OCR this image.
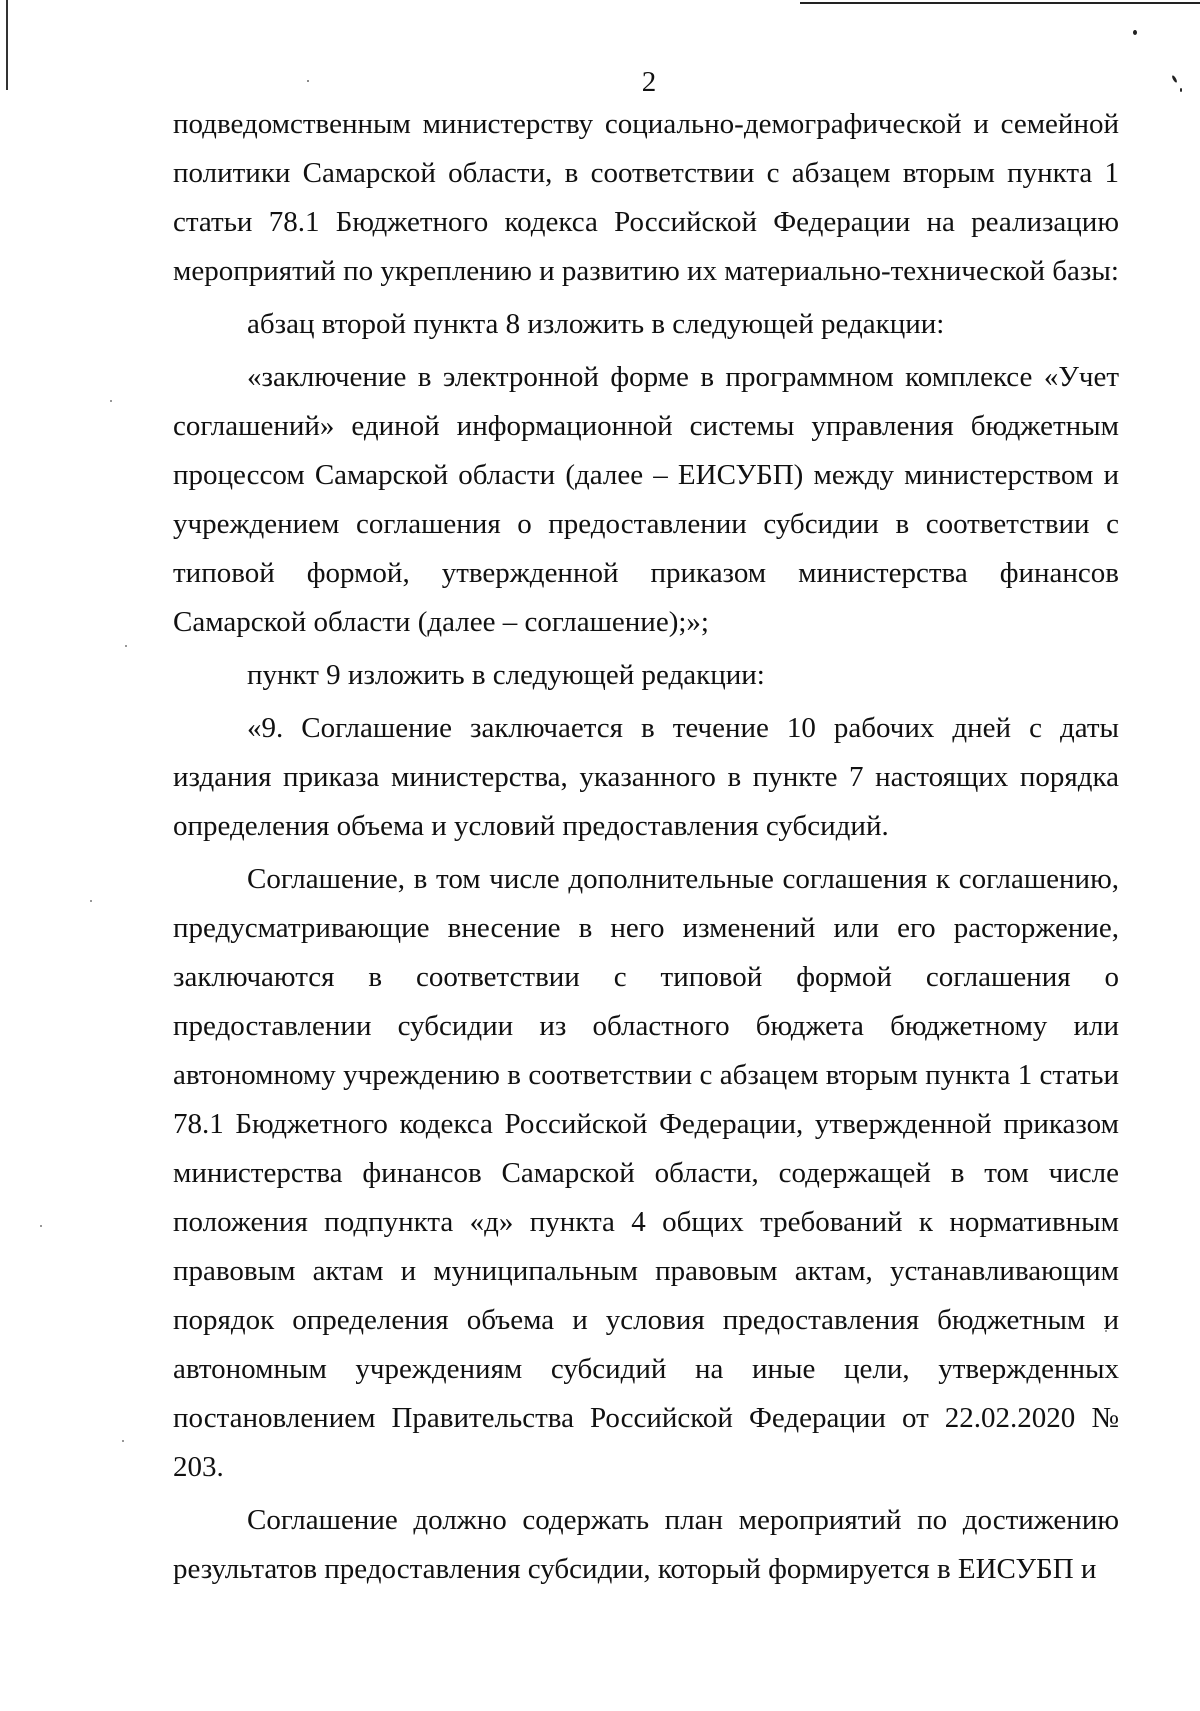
2

подведомственным министерству социально-демографической и семейной политики Самарской области, в соответствии с абзацем вторым пункта 1 статьи 78.1 Бюджетного кодекса Российской Федерации на реализацию мероприятий по укреплению и развитию их материально-технической базы:

абзац второй пункта 8 изложить в следующей редакции:

«заключение в электронной форме в программном комплексе «Учет соглашений» единой информационной системы управления бюджетным процессом Самарской области (далее – ЕИСУБП) между министерством и учреждением соглашения о предоставлении субсидии в соответствии с типовой формой, утвержденной приказом министерства финансов Самарской области (далее – соглашение);»;

пункт 9 изложить в следующей редакции:

«9. Соглашение заключается в течение 10 рабочих дней с даты издания приказа министерства, указанного в пункте 7 настоящих порядка определения объема и условий предоставления субсидий.

Соглашение, в том числе дополнительные соглашения к соглашению, предусматривающие внесение в него изменений или его расторжение, заключаются в соответствии с типовой формой соглашения о предоставлении субсидии из областного бюджета бюджетному или автономному учреждению в соответствии с абзацем вторым пункта 1 статьи 78.1 Бюджетного кодекса Российской Федерации, утвержденной приказом министерства финансов Самарской области, содержащей в том числе положения подпункта «д» пункта 4 общих требований к нормативным правовым актам и муниципальным правовым актам, устанавливающим порядок определения объема и условия предоставления бюджетным и автономным учреждениям субсидий на иные цели, утвержденных постановлением Правительства Российской Федерации от 22.02.2020 № 203.

Соглашение должно содержать план мероприятий по достижению результатов предоставления субсидии, который формируется в ЕИСУБП и
